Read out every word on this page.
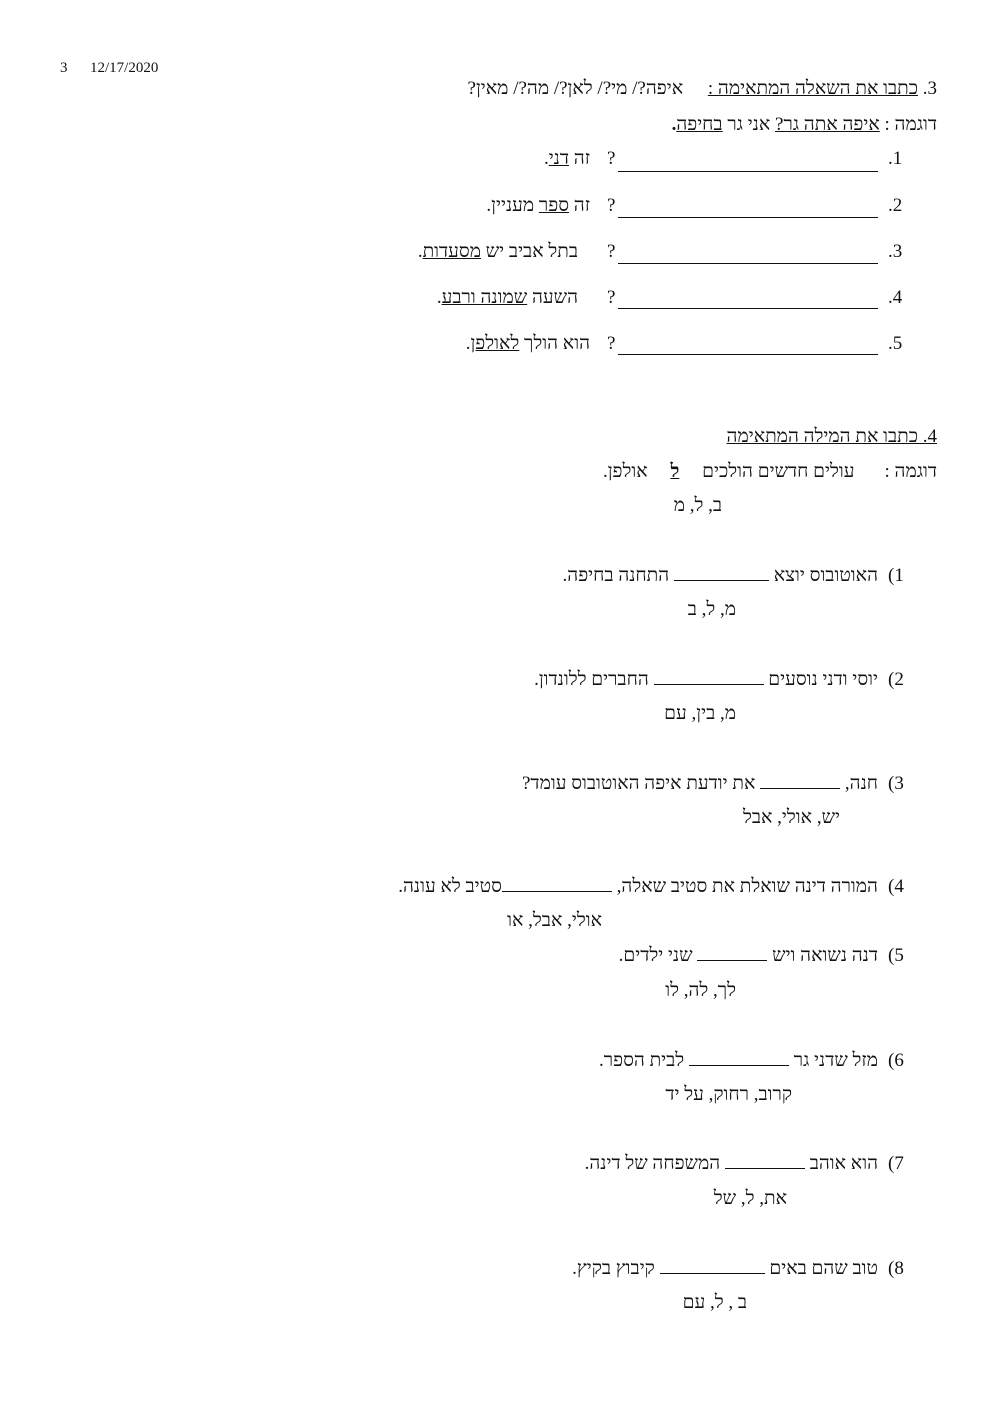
3 12/17/2020
3. כתבו את השאלה המתאימה : איפה?/ מי?/ לאן?/ מה?/ מאין?
דוגמה : איפה אתה גר? אני גר בחיפה.
.1
?
זה דני.
.2
?
זה ספר מעניין.
.3
?
בתל אביב יש מסעדות.
.4
?
השעה שמונה ורבע.
.5
?
הוא הולך לאולפן.
4. כתבו את המילה המתאימה
דוגמה :עולים חדשים הולכים ל אולפן.
ב, ל, מ
(1
האוטובוס יוצא  התחנה בחיפה.
מ, ל, ב
(2
יוסי ודני נוסעים  החברים ללונדון.
מ, בין, עם
(3
חנה,  את יודעת איפה האוטובוס עומד?
יש, אולי, אבל
(4
המורה דינה שואלת את סטיב שאלה, סטיב לא עונה.
אולי, אבל, או
(5
דנה נשואה ויש  שני ילדים.
לך, לה, לו
(6
מזל שדני גר  לבית הספר.
קרוב, רחוק, על יד
(7
הוא אוהב  המשפחה של דינה.
את, ל, של
(8
טוב שהם באים  קיבוץ בקיץ.
ב , ל, עם
